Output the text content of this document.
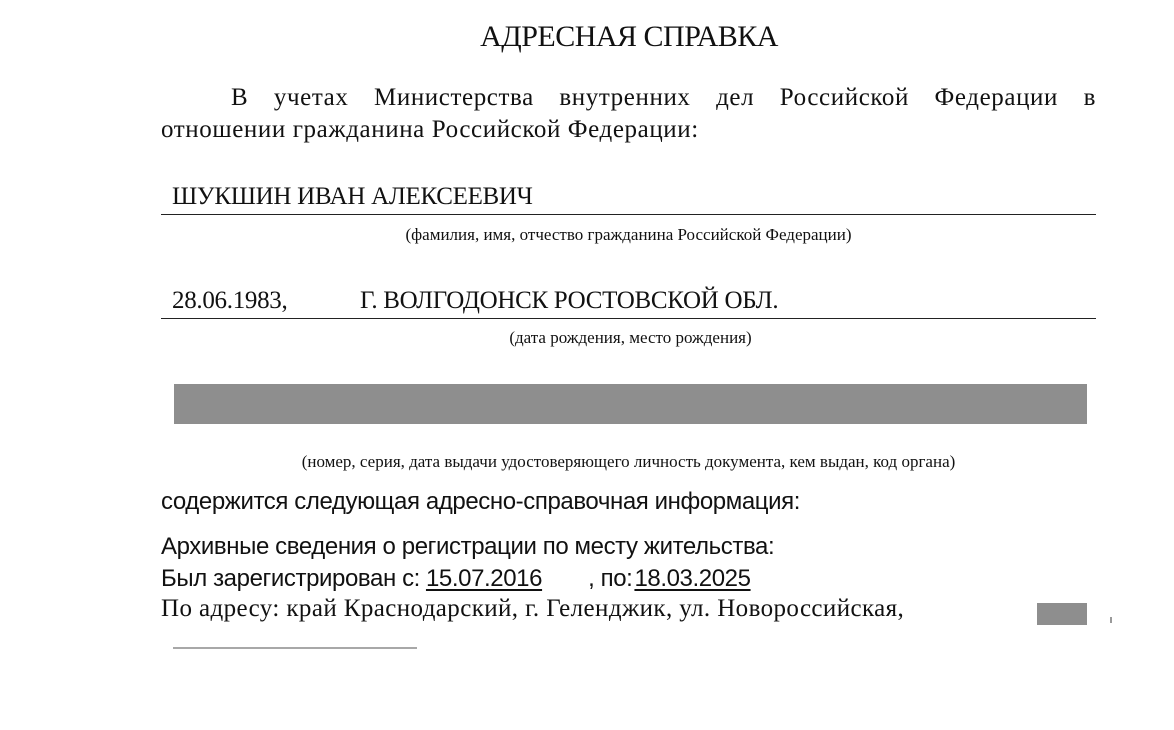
АДРЕСНАЯ СПРАВКА
В учетах Министерства внутренних дел Российской Федерации в отношении гражданина Российской Федерации:
ШУКШИН ИВАН АЛЕКСЕЕВИЧ
(фамилия, имя, отчество гражданина Российской Федерации)
28.06.1983,	Г. ВОЛГОДОНСК РОСТОВСКОЙ ОБЛ.
(дата рождения, место рождения)
(номер, серия, дата выдачи удостоверяющего личность документа, кем выдан, код органа)
содержится следующая адресно-справочная информация:
Архивные сведения о регистрации по месту жительства:
Был зарегистрирован с: 15.07.2016 , по:18.03.2025
По адресу: край Краснодарский, г. Геленджик, ул. Новороссийская,
